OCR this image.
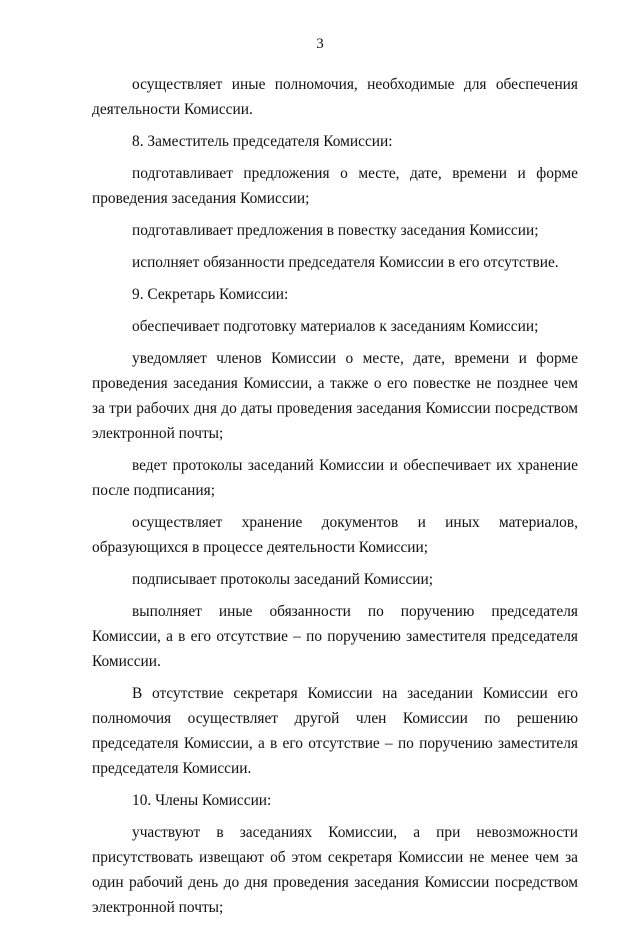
3

осуществляет иные полномочия, необходимые для обеспечения деятельности Комиссии.

8. Заместитель председателя Комиссии:

подготавливает предложения о месте, дате, времени и форме проведения заседания Комиссии;

подготавливает предложения в повестку заседания Комиссии;

исполняет обязанности председателя Комиссии в его отсутствие.

9. Секретарь Комиссии:

обеспечивает подготовку материалов к заседаниям Комиссии;

уведомляет членов Комиссии о месте, дате, времени и форме проведения заседания Комиссии, а также о его повестке не позднее чем за три рабочих дня до даты проведения заседания Комиссии посредством электронной почты;

ведет протоколы заседаний Комиссии и обеспечивает их хранение после подписания;

осуществляет хранение документов и иных материалов, образующихся в процессе деятельности Комиссии;

подписывает протоколы заседаний Комиссии;

выполняет иные обязанности по поручению председателя Комиссии, а в его отсутствие – по поручению заместителя председателя Комиссии.

В отсутствие секретаря Комиссии на заседании Комиссии его полномочия осуществляет другой член Комиссии по решению председателя Комиссии, а в его отсутствие – по поручению заместителя председателя Комиссии.

10. Члены Комиссии:

участвуют в заседаниях Комиссии, а при невозможности присутствовать извещают об этом секретаря Комиссии не менее чем за один рабочий день до дня проведения заседания Комиссии посредством электронной почты;
